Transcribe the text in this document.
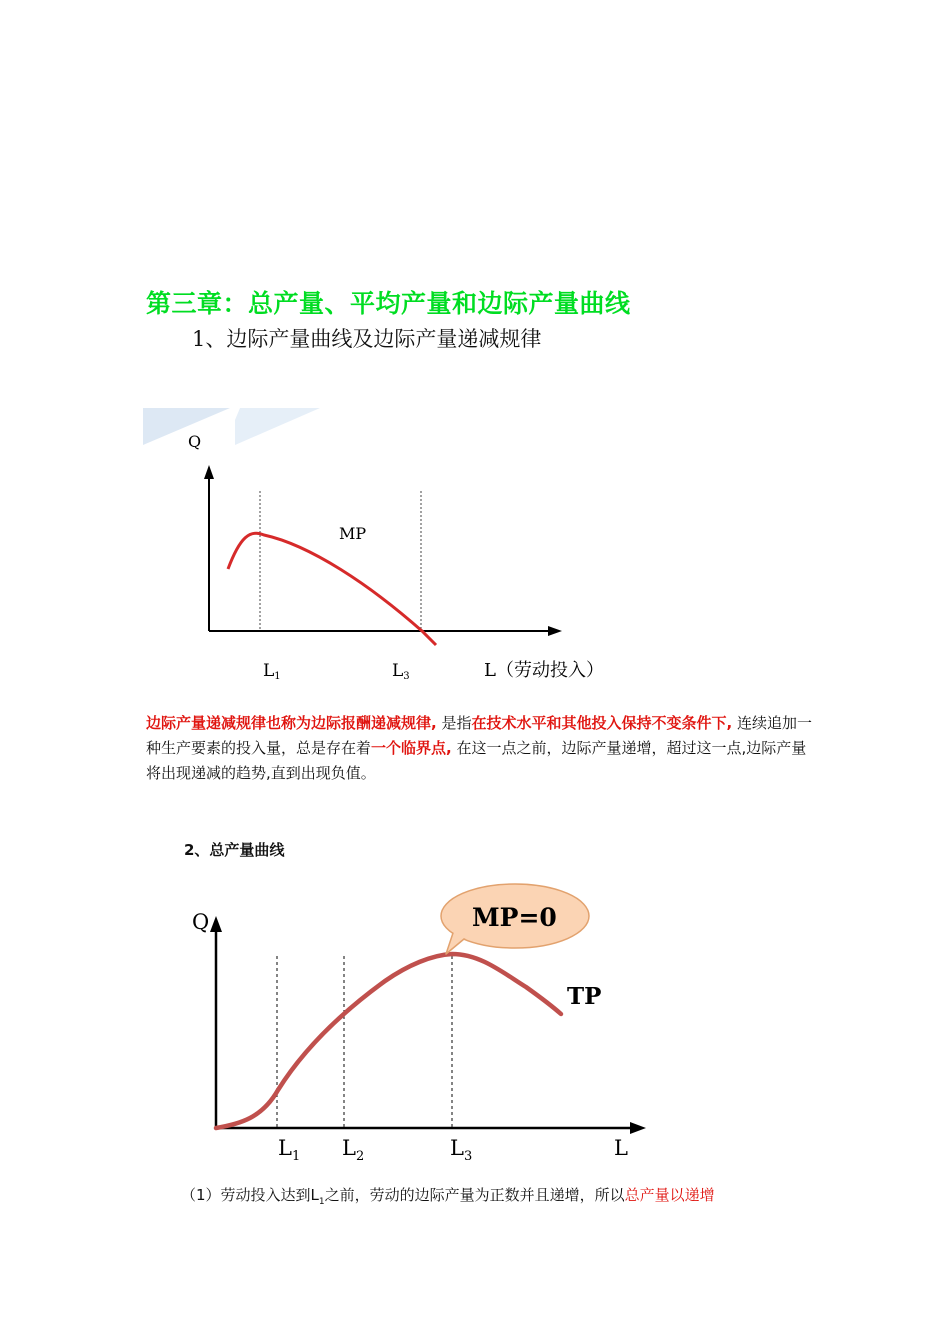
第三章：总产量、平均产量和边际产量曲线

1、边际产量曲线及边际产量递减规律

Q
MP
L1	L3	L（劳动投入）

边际产量递减规律也称为边际报酬递减规律, 是指在技术水平和其他投入保持不变条件下, 连续追加一种生产要素的投入量，总是存在着一个临界点, 在这一点之前，边际产量递增，超过这一点,边际产量将出现递减的趋势,直到出现负值。

2、总产量曲线

Q	MP=0
TP
$L_1$ $L_2$	$L_3$	L

（1）劳动投入达到$L_1$之前，劳动的边际产量为正数并且递增，所以总产量以递增
